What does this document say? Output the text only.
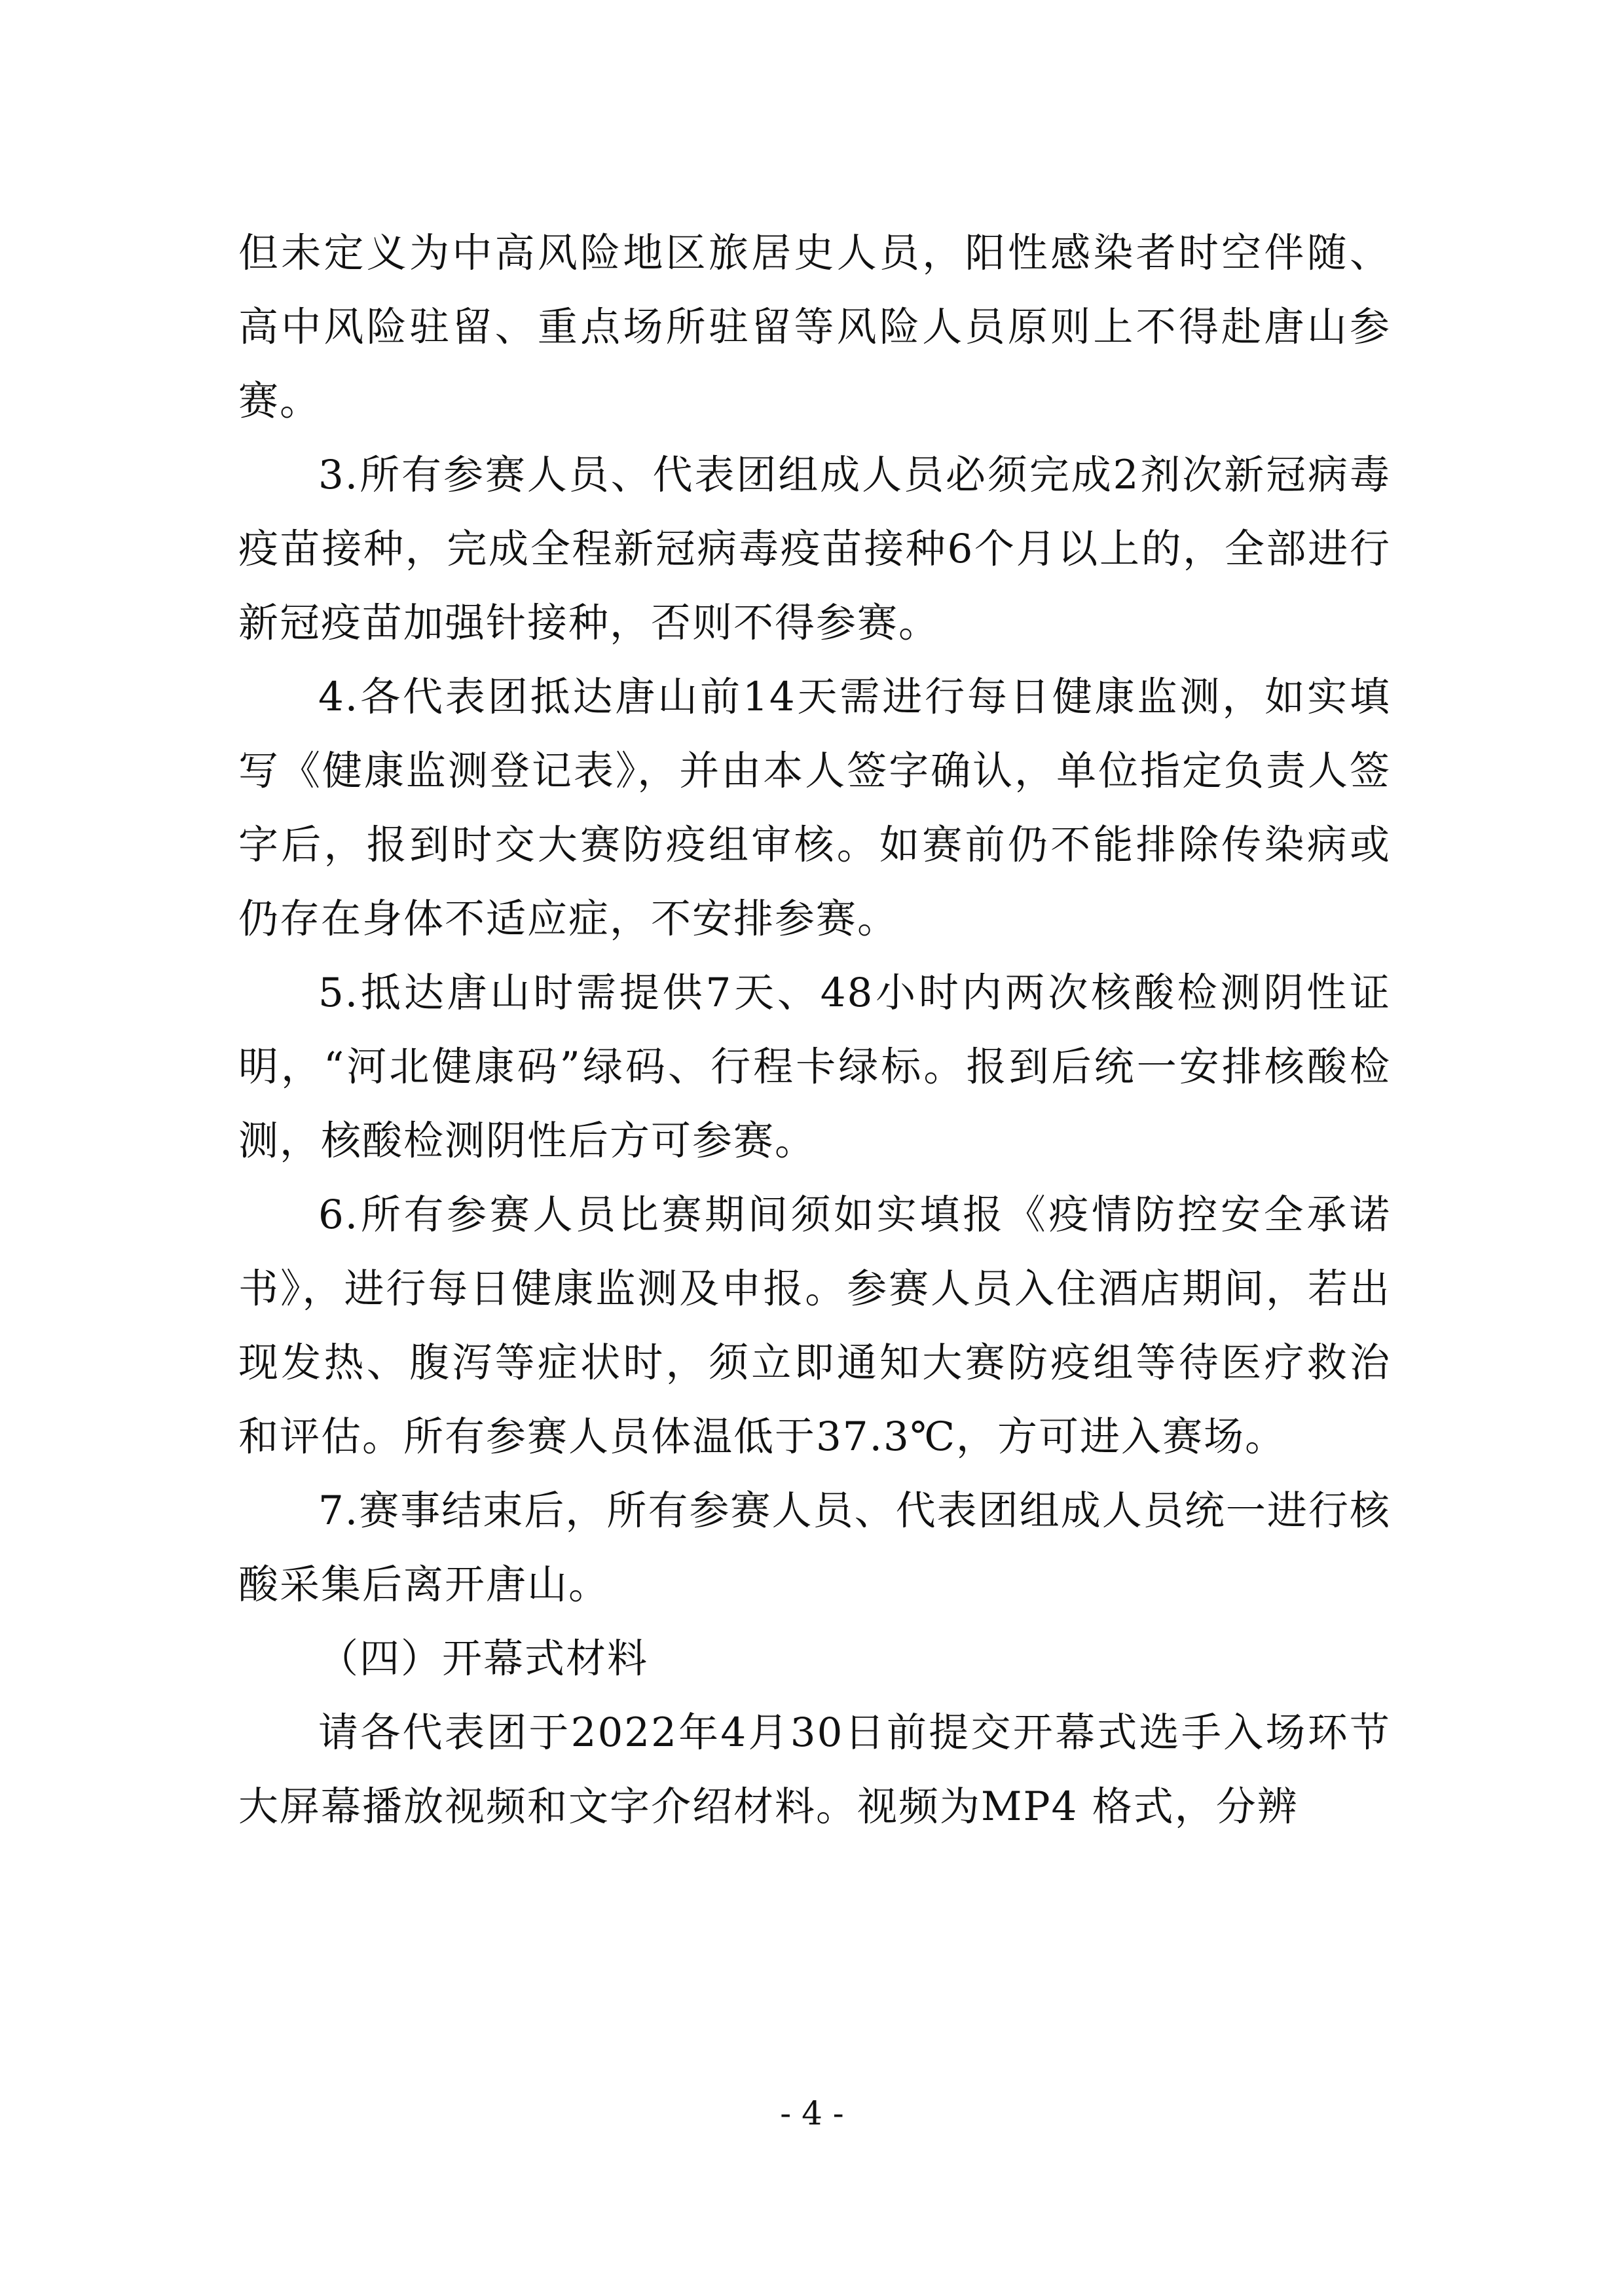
但未定义为中高风险地区旅居史人员，阳性感染者时空伴随、高中风险驻留、重点场所驻留等风险人员原则上不得赴唐山参赛。

3.所有参赛人员、代表团组成人员必须完成2剂次新冠病毒疫苗接种，完成全程新冠病毒疫苗接种6个月以上的，全部进行新冠疫苗加强针接种，否则不得参赛。

4.各代表团抵达唐山前14天需进行每日健康监测，如实填写《健康监测登记表》，并由本人签字确认，单位指定负责人签字后，报到时交大赛防疫组审核。如赛前仍不能排除传染病或仍存在身体不适应症，不安排参赛。

5.抵达唐山时需提供7天、48小时内两次核酸检测阴性证明，“河北健康码”绿码、行程卡绿标。报到后统一安排核酸检测，核酸检测阴性后方可参赛。

6.所有参赛人员比赛期间须如实填报《疫情防控安全承诺书》，进行每日健康监测及申报。参赛人员入住酒店期间，若出现发热、腹泻等症状时，须立即通知大赛防疫组等待医疗救治和评估。所有参赛人员体温低于37.3℃，方可进入赛场。

7.赛事结束后，所有参赛人员、代表团组成人员统一进行核酸采集后离开唐山。

（四）开幕式材料

请各代表团于2022年4月30日前提交开幕式选手入场环节大屏幕播放视频和文字介绍材料。视频为MP4 格式，分辨

- 4 -
